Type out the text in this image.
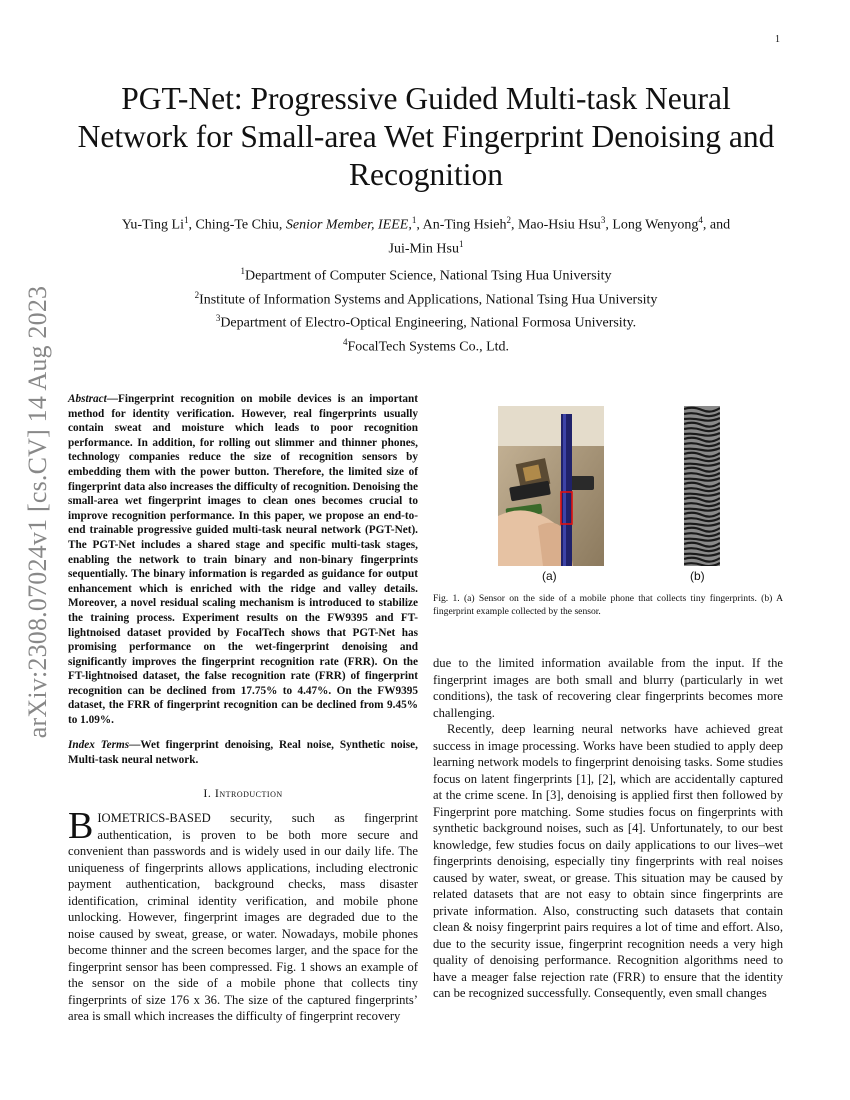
1
arXiv:2308.07024v1 [cs.CV] 14 Aug 2023
PGT-Net: Progressive Guided Multi-task Neural Network for Small-area Wet Fingerprint Denoising and Recognition
Yu-Ting Li$^1$, Ching-Te Chiu, Senior Member, IEEE,$^1$, An-Ting Hsieh$^2$, Mao-Hsiu Hsu$^3$, Long Wenyong$^4$, and
Jui-Min Hsu$^1$
$^1$Department of Computer Science, National Tsing Hua University
$^2$Institute of Information Systems and Applications, National Tsing Hua University
$^3$Department of Electro-Optical Engineering, National Formosa University.
$^4$FocalTech Systems Co., Ltd.
Abstract—Fingerprint recognition on mobile devices is an important method for identity verification. However, real fingerprints usually contain sweat and moisture which leads to poor recognition performance. In addition, for rolling out slimmer and thinner phones, technology companies reduce the size of recognition sensors by embedding them with the power button. Therefore, the limited size of fingerprint data also increases the difficulty of recognition. Denoising the small-area wet fingerprint images to clean ones becomes crucial to improve recognition performance. In this paper, we propose an end-to-end trainable progressive guided multi-task neural network (PGT-Net). The PGT-Net includes a shared stage and specific multi-task stages, enabling the network to train binary and non-binary fingerprints sequentially. The binary information is regarded as guidance for output enhancement which is enriched with the ridge and valley details. Moreover, a novel residual scaling mechanism is introduced to stabilize the training process. Experiment results on the FW9395 and FT-lightnoised dataset provided by FocalTech shows that PGT-Net has promising performance on the wet-fingerprint denoising and significantly improves the fingerprint recognition rate (FRR). On the FT-lightnoised dataset, the false recognition rate (FRR) of fingerprint recognition can be declined from 17.75% to 4.47%. On the FW9395 dataset, the FRR of fingerprint recognition can be declined from 9.45% to 1.09%.
Index Terms—Wet fingerprint denoising, Real noise, Synthetic noise, Multi-task neural network.
I. Introduction
BIOMETRICS-BASED security, such as fingerprint authentication, is proven to be both more secure and convenient than passwords and is widely used in our daily life. The uniqueness of fingerprints allows applications, including electronic payment authentication, background checks, mass disaster identification, criminal identity verification, and mobile phone unlocking. However, fingerprint images are degraded due to the noise caused by sweat, grease, or water. Nowadays, mobile phones become thinner and the screen becomes larger, and the space for the fingerprint sensor has been compressed. Fig. 1 shows an example of the sensor on the side of a mobile phone that collects tiny fingerprints of size 176 x 36. The size of the captured fingerprints’ area is small which increases the difficulty of fingerprint recovery
(a)	(b)
Fig. 1. (a) Sensor on the side of a mobile phone that collects tiny fingerprints. (b) A fingerprint example collected by the sensor.

due to the limited information available from the input. If the fingerprint images are both small and blurry (particularly in wet conditions), the task of recovering clear fingerprints becomes more challenging.

Recently, deep learning neural networks have achieved great success in image processing. Works have been studied to apply deep learning network models to fingerprint denoising tasks. Some studies focus on latent fingerprints [1], [2], which are accidentally captured at the crime scene. In [3], denoising is applied first then followed by Fingerprint pore matching. Some studies focus on fingerprints with synthetic background noises, such as [4]. Unfortunately, to our best knowledge, few studies focus on daily applications to our lives–wet fingerprints denoising, especially tiny fingerprints with real noises caused by water, sweat, or grease. This situation may be caused by related datasets that are not easy to obtain since fingerprints are private information. Also, constructing such datasets that contain clean & noisy fingerprint pairs requires a lot of time and effort. Also, due to the security issue, fingerprint recognition needs a very high quality of denoising performance. Recognition algorithms need to have a meager false rejection rate (FRR) to ensure that the identity can be recognized successfully. Consequently, even small changes
